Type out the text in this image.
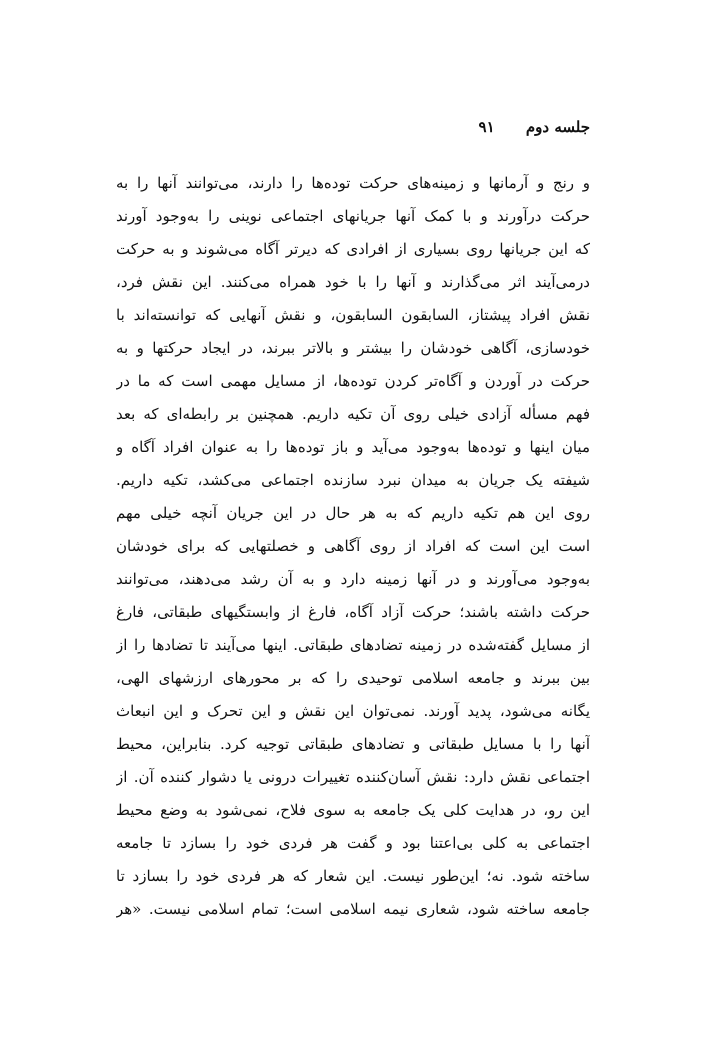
جلسه دوم ۹۱
و رنج و آرمانها و زمینه‌های حرکت توده‌ها را دارند، می‌توانند آنها را به
حرکت درآورند و با کمک آنها جریانهای اجتماعی نوینی را به‌وجود آورند
که این جریانها روی بسیاری از افرادی که دیرتر آگاه می‌شوند و به حرکت
درمی‌آیند اثر می‌گذارند و آنها را با خود همراه می‌کنند. این نقش فرد،
نقش افراد پیشتاز، السابقون السابقون، و نقش آنهایی که توانسته‌اند با
خودسازی، آگاهی خودشان را بیشتر و بالاتر ببرند، در ایجاد حرکتها و به
حرکت در آوردن و آگاه‌تر کردن توده‌ها، از مسایل مهمی است که ما در
فهم مسأله آزادی خیلی روی آن تکیه داریم. همچنین بر رابطه‌ای که بعد
میان اینها و توده‌ها به‌وجود می‌آید و باز توده‌ها را به عنوان افراد آگاه و
شیفته یک جریان به میدان نبرد سازنده اجتماعی می‌کشد، تکیه داریم.
روی این هم تکیه داریم که به هر حال در این جریان آنچه خیلی مهم
است این است که افراد از روی آگاهی و خصلتهایی که برای خودشان
به‌وجود می‌آورند و در آنها زمینه دارد و به آن رشد می‌دهند، می‌توانند
حرکت داشته باشند؛ حرکت آزاد آگاه، فارغ از وابستگیهای طبقاتی، فارغ
از مسایل گفته‌شده در زمینه تضادهای طبقاتی. اینها می‌آیند تا تضادها را از
بین ببرند و جامعه اسلامی توحیدی را که بر محورهای ارزشهای الهی،
یگانه می‌شود، پدید آورند. نمی‌توان این نقش و این تحرک و این انبعاث
آنها را با مسایل طبقاتی و تضادهای طبقاتی توجیه کرد. بنابراین، محیط
اجتماعی نقش دارد: نقش آسان‌کننده تغییرات درونی یا دشوار کننده آن. از
این رو، در هدایت کلی یک جامعه به سوی فلاح، نمی‌شود به وضع محیط
اجتماعی به کلی بی‌اعتنا بود و گفت هر فردی خود را بسازد تا جامعه
ساخته شود. نه؛ این‌طور نیست. این شعار که هر فردی خود را بسازد تا
جامعه ساخته شود، شعاری نیمه اسلامی است؛ تمام اسلامی نیست. «هر
